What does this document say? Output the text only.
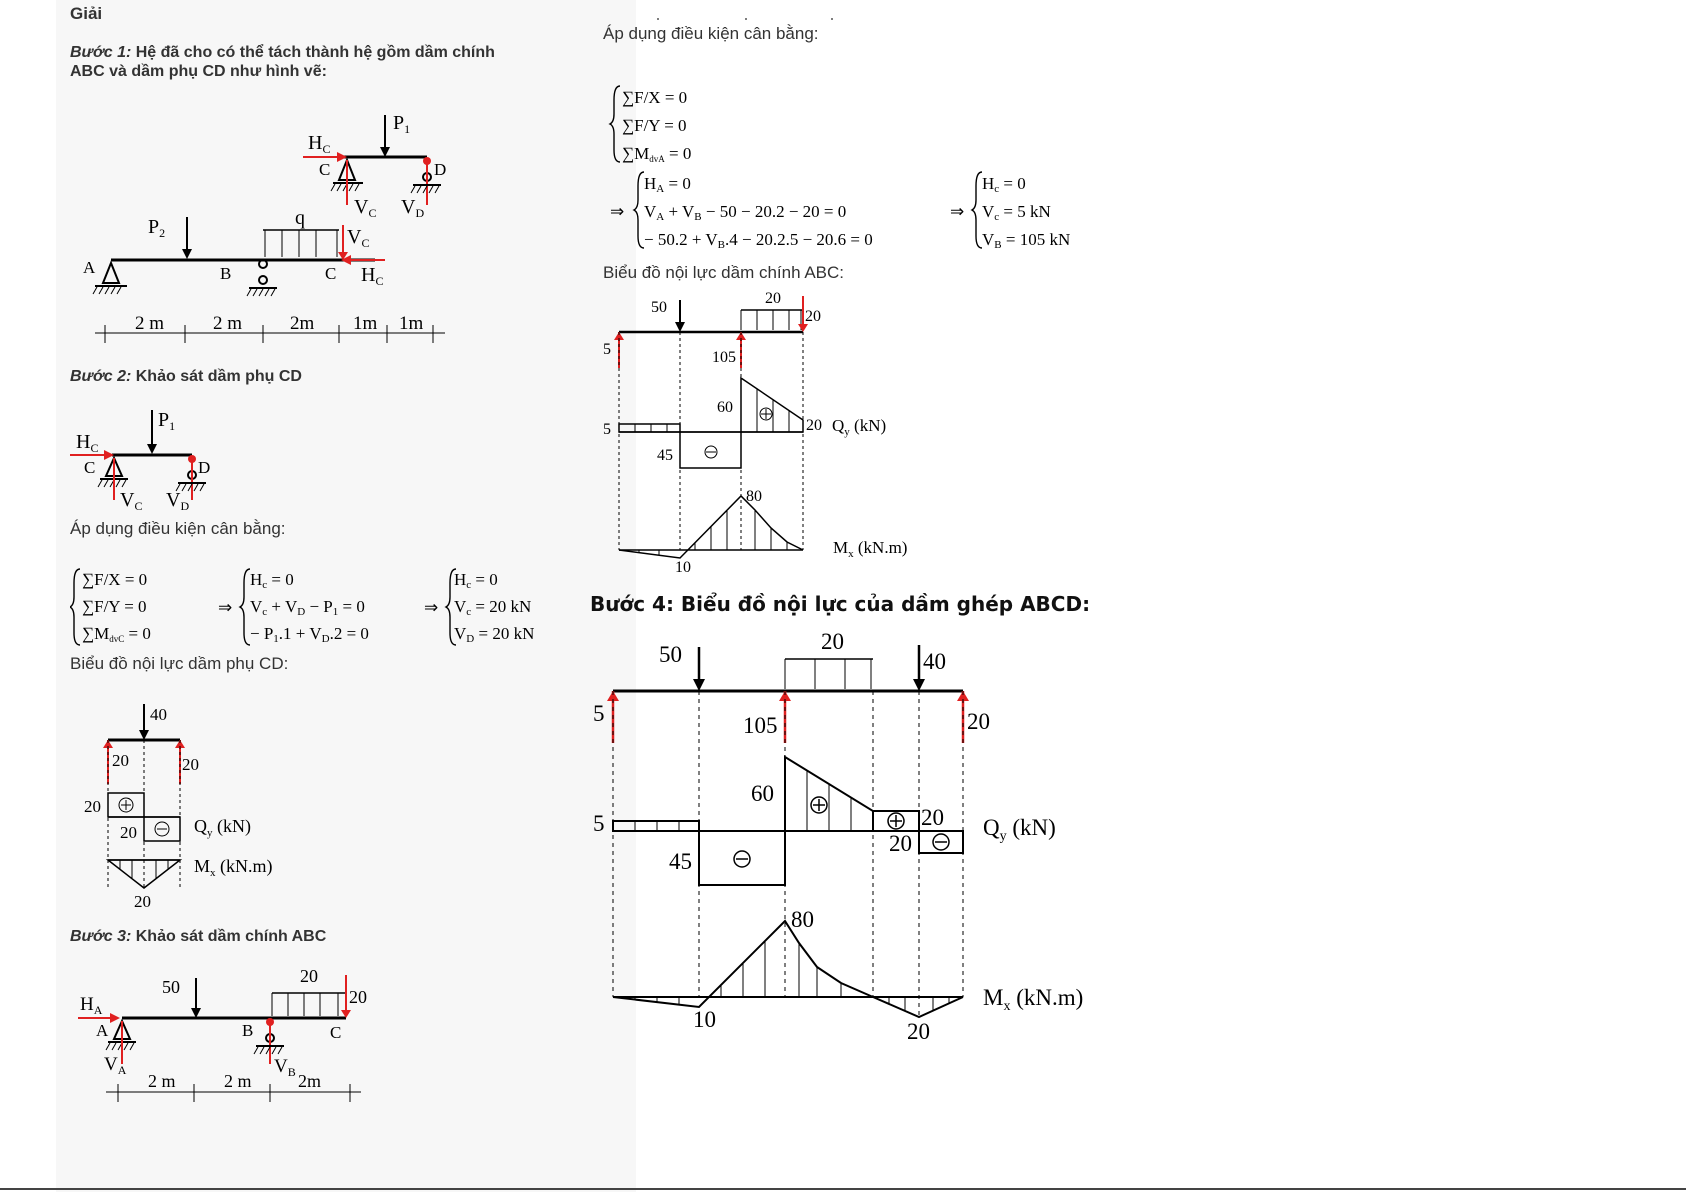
Giải
Bước 1: Hệ đã cho có thể tách thành hệ gồm dầm chính
ABC và dầm phụ CD như hình vẽ:
$P_1$
$H_C$
C
$V_C$
D
$V_D$
A
$P_2$
B
q
$V_C$
C $H_C$
2 m	2 m	2m 1m 1m
Bước 2: Khảo sát dầm phụ CD
$P_1$
$H_C$
C
$V_C$
D
$V_D$
Áp dụng điều kiện cân bằng:
∑F/X = 0
∑F/Y = 0
∑MdvC = 0
⇒
Hc = 0
Vc + VD − P1 = 0
− P1.1 + VD.2 = 0
⇒
Hc = 0
Vc = 20 kN
VD = 20 kN
Biểu đồ nội lực dầm phụ CD:
40
20	20
20
20	$Q_y$ (kN)
$M_x$ (kN.m)
20
Bước 3: Khảo sát dầm chính ABC
50
20
20
$H_A$
A
$V_A$
B
$V_B$
C
2 m	2 m	2m
Áp dụng điều kiện cân bằng:
∑F/X = 0
∑F/Y = 0
∑MdvA = 0
⇒
HA = 0
VA + VB − 50 − 20.2 − 20 = 0
− 50.2 + VB.4 − 20.2.5 − 20.6 = 0
⇒
Hc = 0
Vc = 5 kN
VB = 105 kN
Biểu đồ nội lực dầm chính ABC:
50
20
20
5	105
5
60
45
20 $Q_y$ (kN)
80
10
$M_x$ (kN.m)
Bước 4: Biểu đồ nội lực của dầm ghép ABCD:
50
20
40
5	105	20
5
60
45
20
20
$Q_y$ (kN)
80
10	20
$M_x$ (kN.m)
